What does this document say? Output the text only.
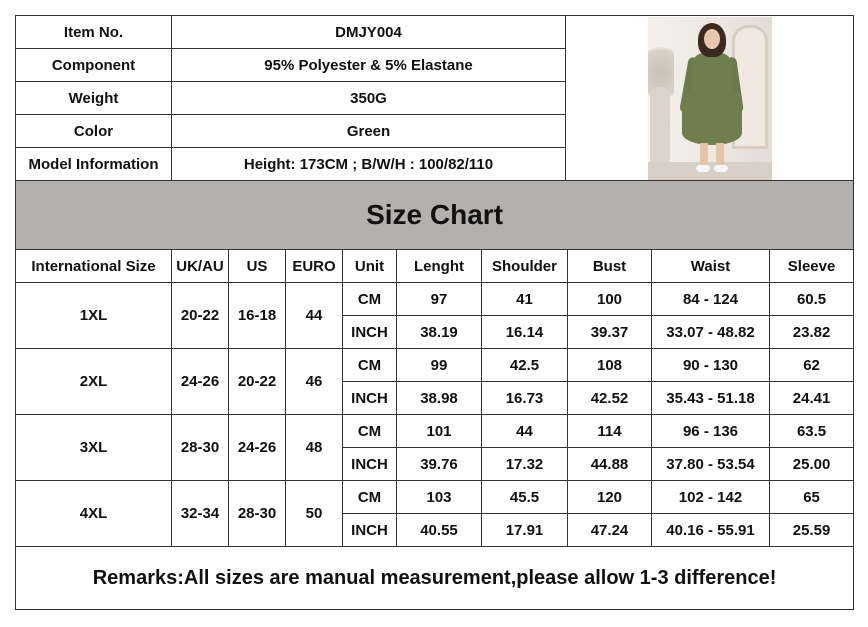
Item No.	DMJY004	

Component	95% Polyester & 5% Elastane	
Weight	350G	
Color	Green	
Model Information	Height: 173CM ; B/W/H : 100/82/110	
Size Chart									
International Size	UK/AU	US	EURO	Unit	Lenght	Shoulder	Bust	Waist	Sleeve
1XL	20-22	16-18	44	CM	97	41	100	84 - 124	60.5
				INCH	38.19	16.14	39.37	33.07 - 48.82	23.82
2XL	24-26	20-22	46	CM	99	42.5	108	90 - 130	62
				INCH	38.98	16.73	42.52	35.43 - 51.18	24.41
3XL	28-30	24-26	48	CM	101	44	114	96 - 136	63.5
				INCH	39.76	17.32	44.88	37.80 - 53.54	25.00
4XL	32-34	28-30	50	CM	103	45.5	120	102 - 142	65
				INCH	40.55	17.91	47.24	40.16 - 55.91	25.59
Remarks:All sizes are manual measurement,please allow 1-3 difference!									
